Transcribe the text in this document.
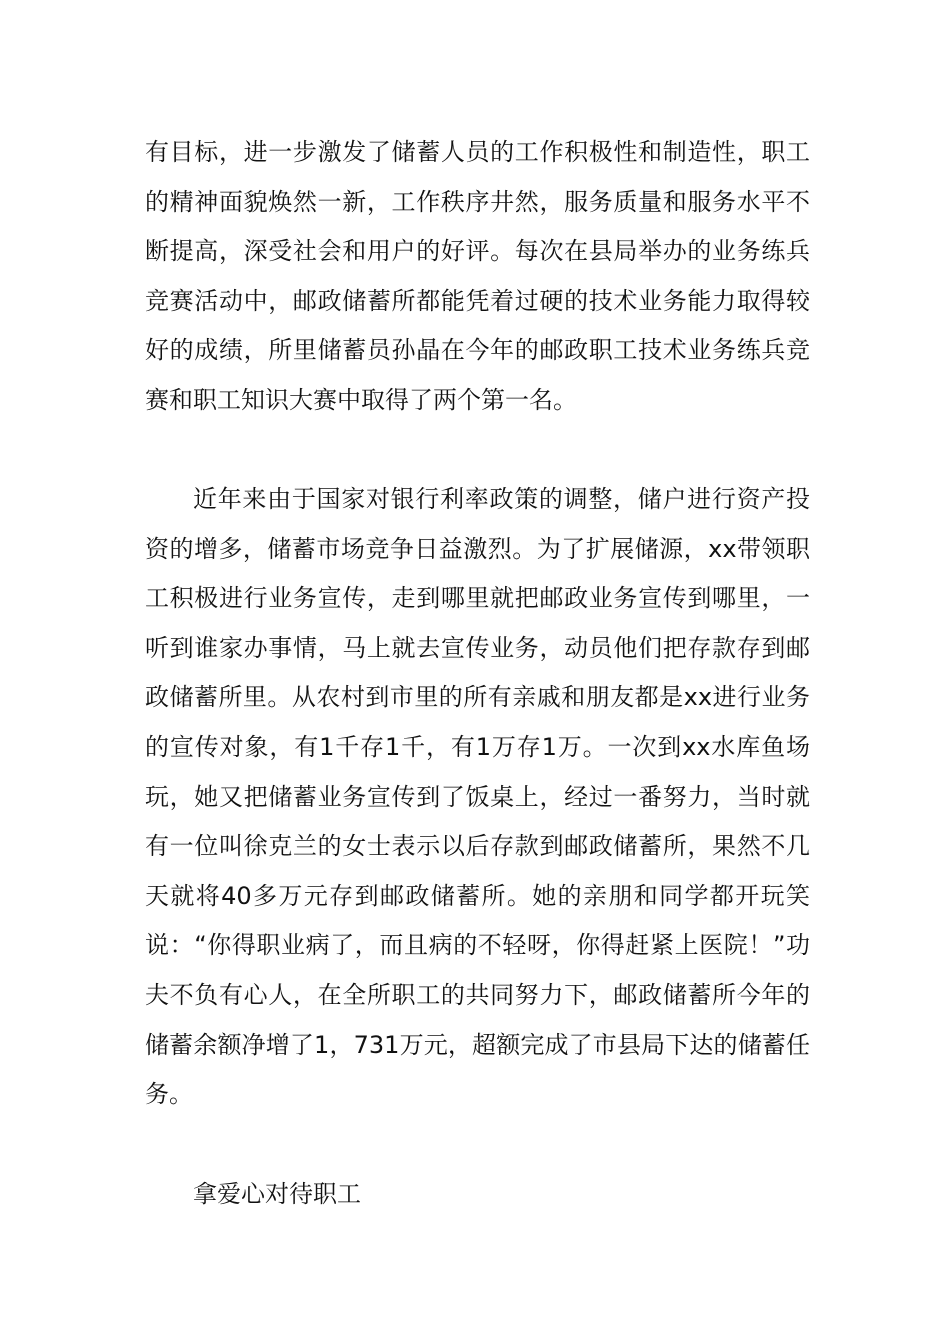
有目标，进一步激发了储蓄人员的工作积极性和制造性，职工的精神面貌焕然一新，工作秩序井然，服务质量和服务水平不断提高，深受社会和用户的好评。每次在县局举办的业务练兵竞赛活动中，邮政储蓄所都能凭着过硬的技术业务能力取得较好的成绩，所里储蓄员孙晶在今年的邮政职工技术业务练兵竞赛和职工知识大赛中取得了两个第一名。

近年来由于国家对银行利率政策的调整，储户进行资产投资的增多，储蓄市场竞争日益激烈。为了扩展储源，xx带领职工积极进行业务宣传，走到哪里就把邮政业务宣传到哪里，一听到谁家办事情，马上就去宣传业务，动员他们把存款存到邮政储蓄所里。从农村到市里的所有亲戚和朋友都是xx进行业务的宣传对象，有1千存1千，有1万存1万。一次到xx水库鱼场玩，她又把储蓄业务宣传到了饭桌上，经过一番努力，当时就有一位叫徐克兰的女士表示以后存款到邮政储蓄所，果然不几天就将40多万元存到邮政储蓄所。她的亲朋和同学都开玩笑说：“你得职业病了，而且病的不轻呀，你得赶紧上医院！”功夫不负有心人，在全所职工的共同努力下，邮政储蓄所今年的储蓄余额净增了1，731万元，超额完成了市县局下达的储蓄任务。

拿爱心对待职工
